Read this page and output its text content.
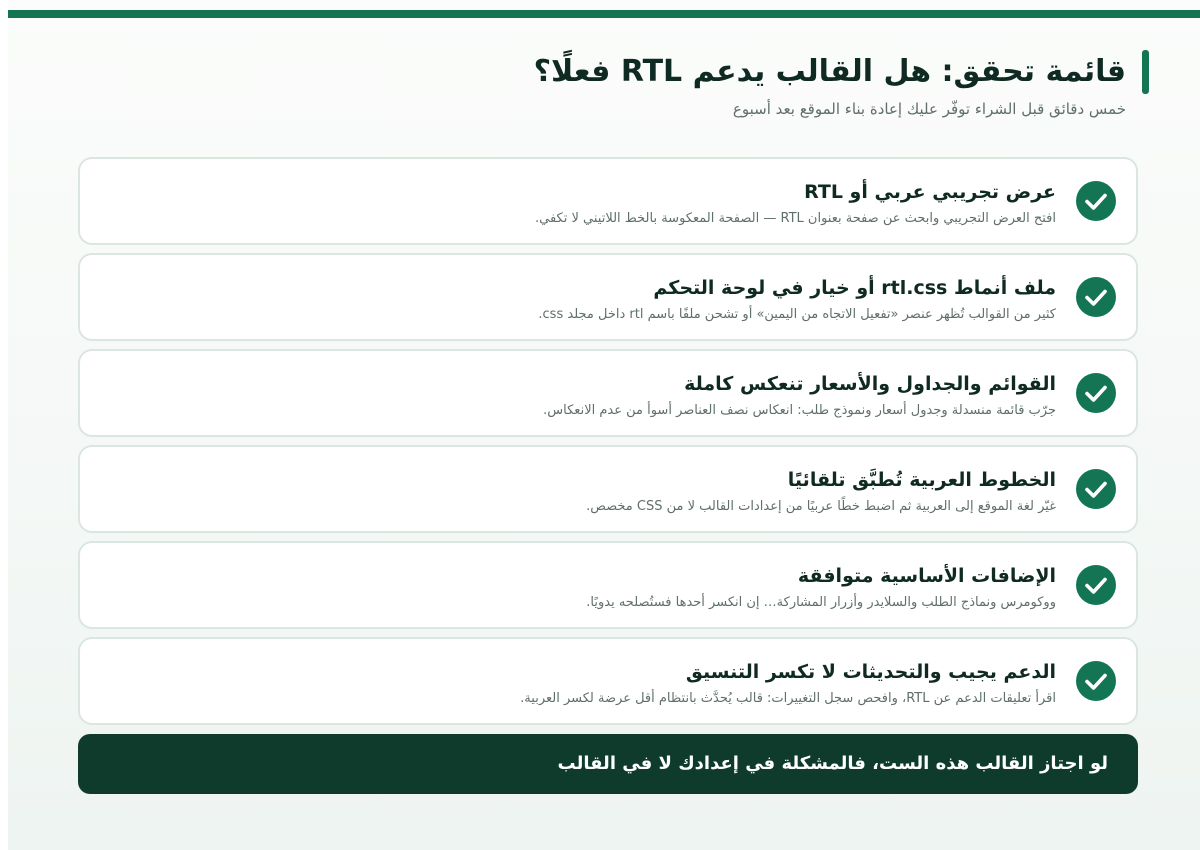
قائمة تحقق: هل القالب يدعم RTL فعلًا؟
خمس دقائق قبل الشراء توفّر عليك إعادة بناء الموقع بعد أسبوع
عرض تجريبي عربي أو RTL
افتح العرض التجريبي وابحث عن صفحة بعنوان RTL — الصفحة المعكوسة بالخط اللاتيني لا تكفي.
ملف أنماط rtl.css أو خيار في لوحة التحكم
كثير من القوالب تُظهر عنصر «تفعيل الاتجاه من اليمين» أو تشحن ملفًا باسم rtl داخل مجلد css.
القوائم والجداول والأسعار تنعكس كاملة
جرّب قائمة منسدلة وجدول أسعار ونموذج طلب: انعكاس نصف العناصر أسوأ من عدم الانعكاس.
الخطوط العربية تُطبَّق تلقائيًا
غيّر لغة الموقع إلى العربية ثم اضبط خطًا عربيًا من إعدادات القالب لا من CSS مخصص.
الإضافات الأساسية متوافقة
ووكومرس ونماذج الطلب والسلايدر وأزرار المشاركة… إن انكسر أحدها فستُصلحه يدويًا.
الدعم يجيب والتحديثات لا تكسر التنسيق
اقرأ تعليقات الدعم عن RTL، وافحص سجل التغييرات: قالب يُحدَّث بانتظام أقل عرضة لكسر العربية.
لو اجتاز القالب هذه الست، فالمشكلة في إعدادك لا في القالب
